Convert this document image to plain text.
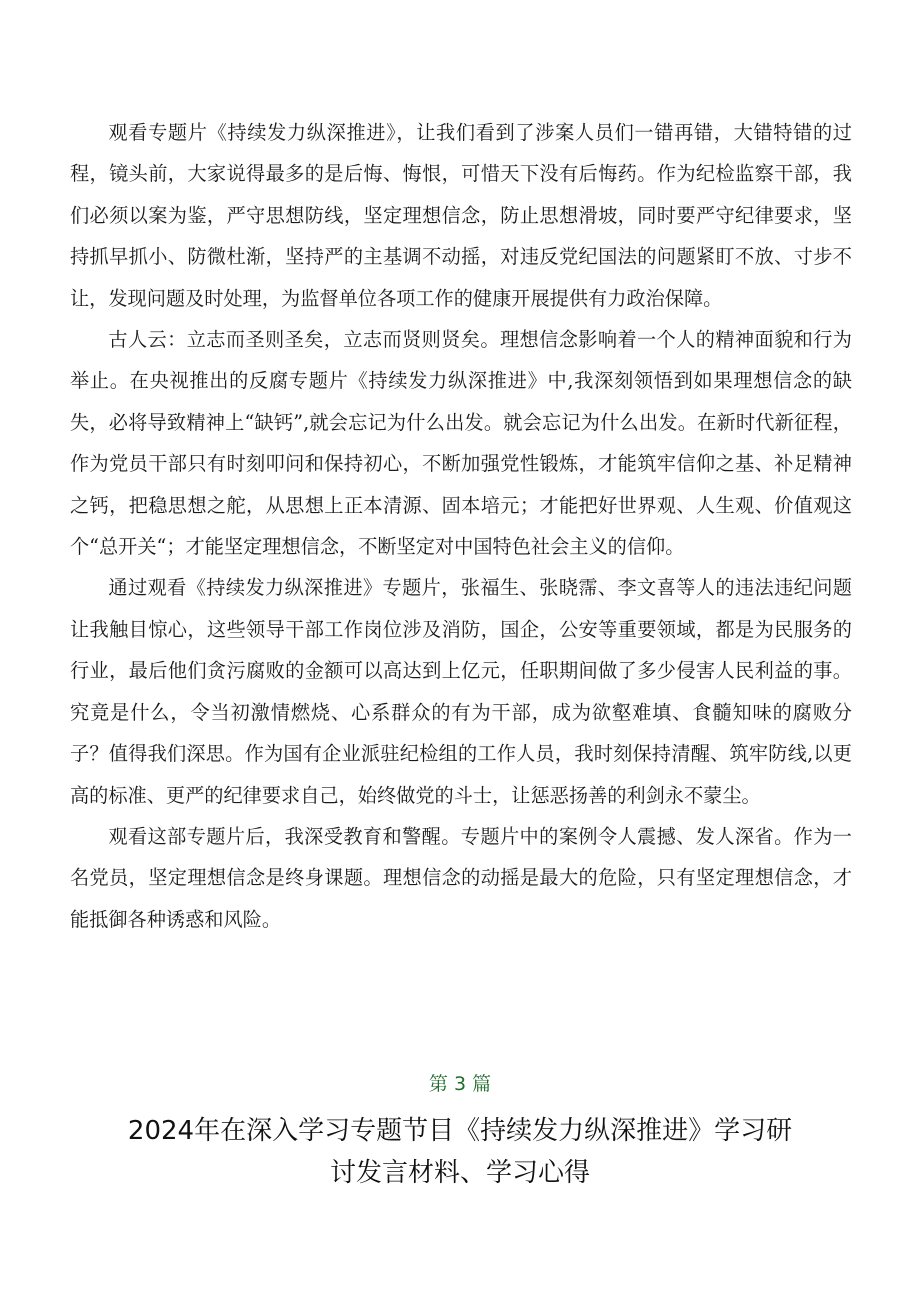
观看专题片《持续发力纵深推进》，让我们看到了涉案人员们一错再错，大错特错的过程，镜头前，大家说得最多的是后悔、悔恨，可惜天下没有后悔药。作为纪检监察干部，我们必须以案为鉴，严守思想防线，坚定理想信念，防止思想滑坡，同时要严守纪律要求，坚持抓早抓小、防微杜渐，坚持严的主基调不动摇，对违反党纪国法的问题紧盯不放、寸步不让，发现问题及时处理，为监督单位各项工作的健康开展提供有力政治保障。

古人云：立志而圣则圣矣，立志而贤则贤矣。理想信念影响着一个人的精神面貌和行为举止。在央视推出的反腐专题片《持续发力纵深推进》中,我深刻领悟到如果理想信念的缺失，必将导致精神上“缺钙”,就会忘记为什么出发。就会忘记为什么出发。在新时代新征程，作为党员干部只有时刻叩问和保持初心，不断加强党性锻炼，才能筑牢信仰之基、补足精神之钙，把稳思想之舵，从思想上正本清源、固本培元；才能把好世界观、人生观、价值观这个“总开关“；才能坚定理想信念，不断坚定对中国特色社会主义的信仰。

通过观看《持续发力纵深推进》专题片，张福生、张晓霈、李文喜等人的违法违纪问题让我触目惊心，这些领导干部工作岗位涉及消防，国企，公安等重要领域，都是为民服务的行业，最后他们贪污腐败的金额可以高达到上亿元，任职期间做了多少侵害人民利益的事。究竟是什么，令当初激情燃烧、心系群众的有为干部，成为欲壑难填、食髓知味的腐败分子？值得我们深思。作为国有企业派驻纪检组的工作人员，我时刻保持清醒、筑牢防线,以更高的标准、更严的纪律要求自己，始终做党的斗士，让惩恶扬善的利剑永不蒙尘。

观看这部专题片后，我深受教育和警醒。专题片中的案例令人震撼、发人深省。作为一名党员，坚定理想信念是终身课题。理想信念的动摇是最大的危险，只有坚定理想信念，才能抵御各种诱惑和风险。

第 3 篇
2024年在深入学习专题节目《持续发力纵深推进》学习研
讨发言材料、学习心得
